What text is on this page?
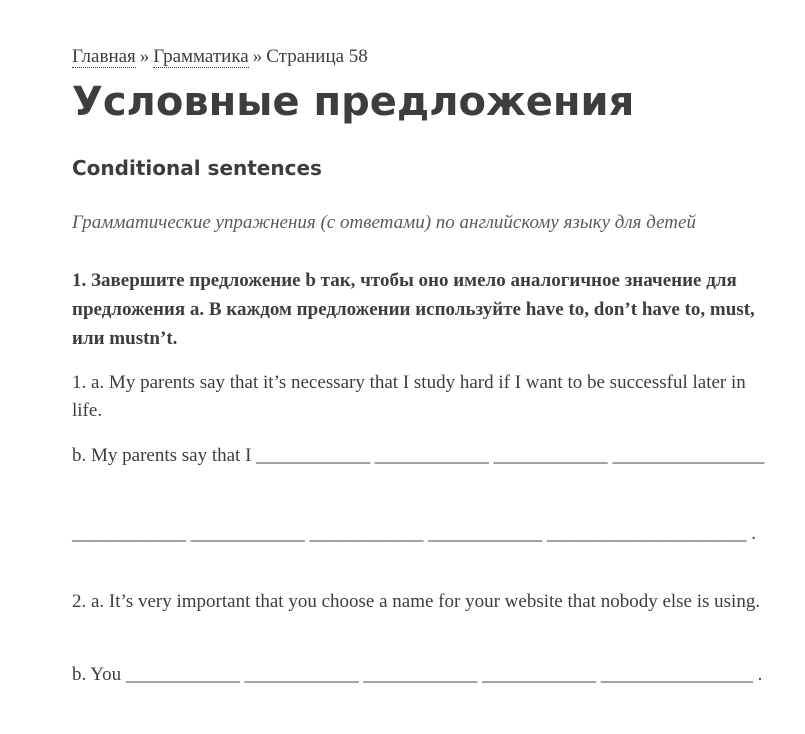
Главная » Грамматика » Страница 58
Условные предложения
Conditional sentences
Грамматические упражнения (с ответами) по английскому языку для детей
1. Завершите предложение b так, чтобы оно имело аналогичное значение для предложения a. В каждом предложении используйте have to, don’t have to, must, или mustn’t.

1. a. My parents say that it’s necessary that I study hard if I want to be successful later in life.

b. My parents say that I ____________ ____________ ____________ ________________

____________ ____________ ____________ ____________ _____________________ .

2. a. It’s very important that you choose a name for your website that nobody else is using.

b. You ____________ ____________ ____________ ____________ ________________ .
